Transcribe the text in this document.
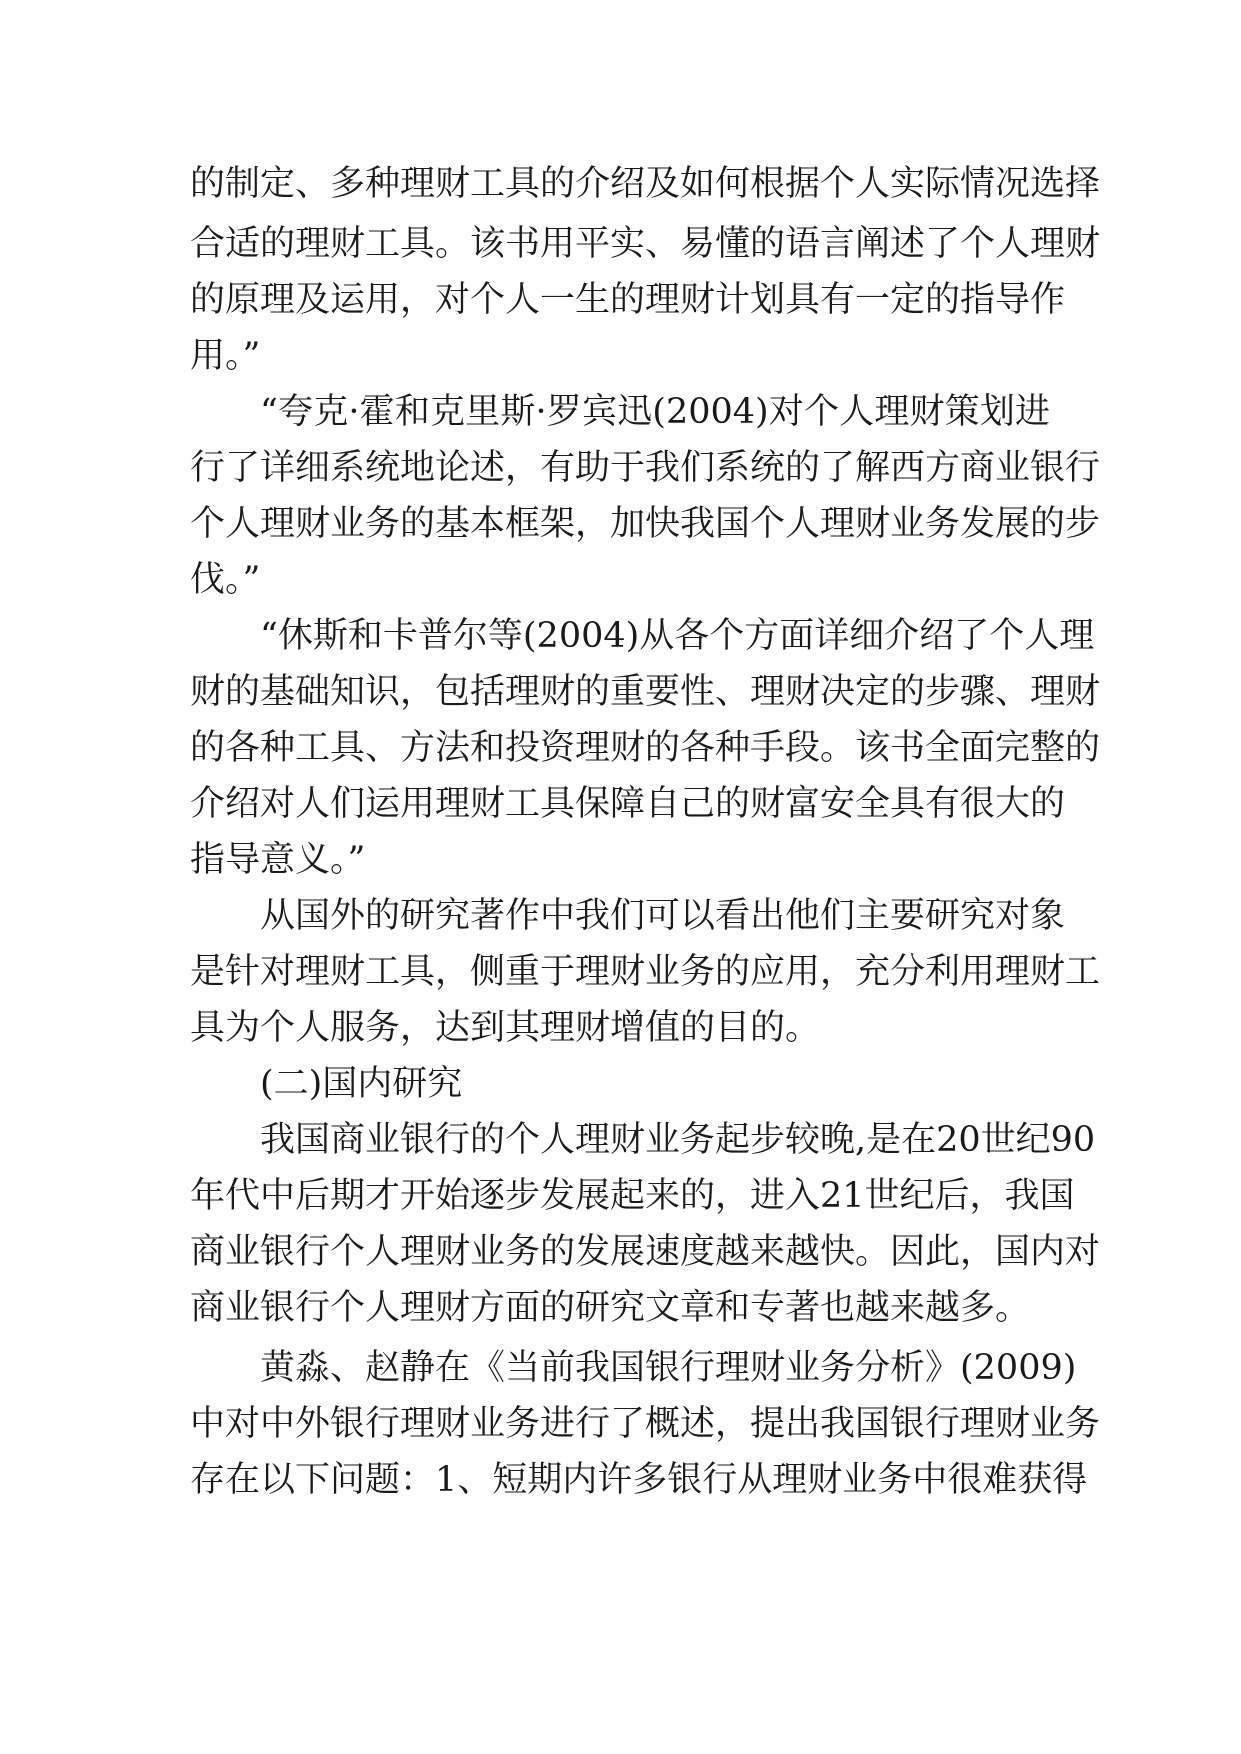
的制定、多种理财工具的介绍及如何根据个人实际情况选择
合适的理财工具。该书用平实、易懂的语言阐述了个人理财
的原理及运用，对个人一生的理财计划具有一定的指导作
用。”
“夸克·霍和克里斯·罗宾迅(2004)对个人理财策划进
行了详细系统地论述，有助于我们系统的了解西方商业银行
个人理财业务的基本框架，加快我国个人理财业务发展的步
伐。”
“休斯和卡普尔等(2004)从各个方面详细介绍了个人理
财的基础知识，包括理财的重要性、理财决定的步骤、理财
的各种工具、方法和投资理财的各种手段。该书全面完整的
介绍对人们运用理财工具保障自己的财富安全具有很大的
指导意义。”
从国外的研究著作中我们可以看出他们主要研究对象
是针对理财工具，侧重于理财业务的应用，充分利用理财工
具为个人服务，达到其理财增值的目的。
(二)国内研究
我国商业银行的个人理财业务起步较晚,是在20世纪90
年代中后期才开始逐步发展起来的，进入21世纪后，我国
商业银行个人理财业务的发展速度越来越快。因此，国内对
商业银行个人理财方面的研究文章和专著也越来越多。
黄淼、赵静在《当前我国银行理财业务分析》(2009)
中对中外银行理财业务进行了概述，提出我国银行理财业务
存在以下问题：1、短期内许多银行从理财业务中很难获得
